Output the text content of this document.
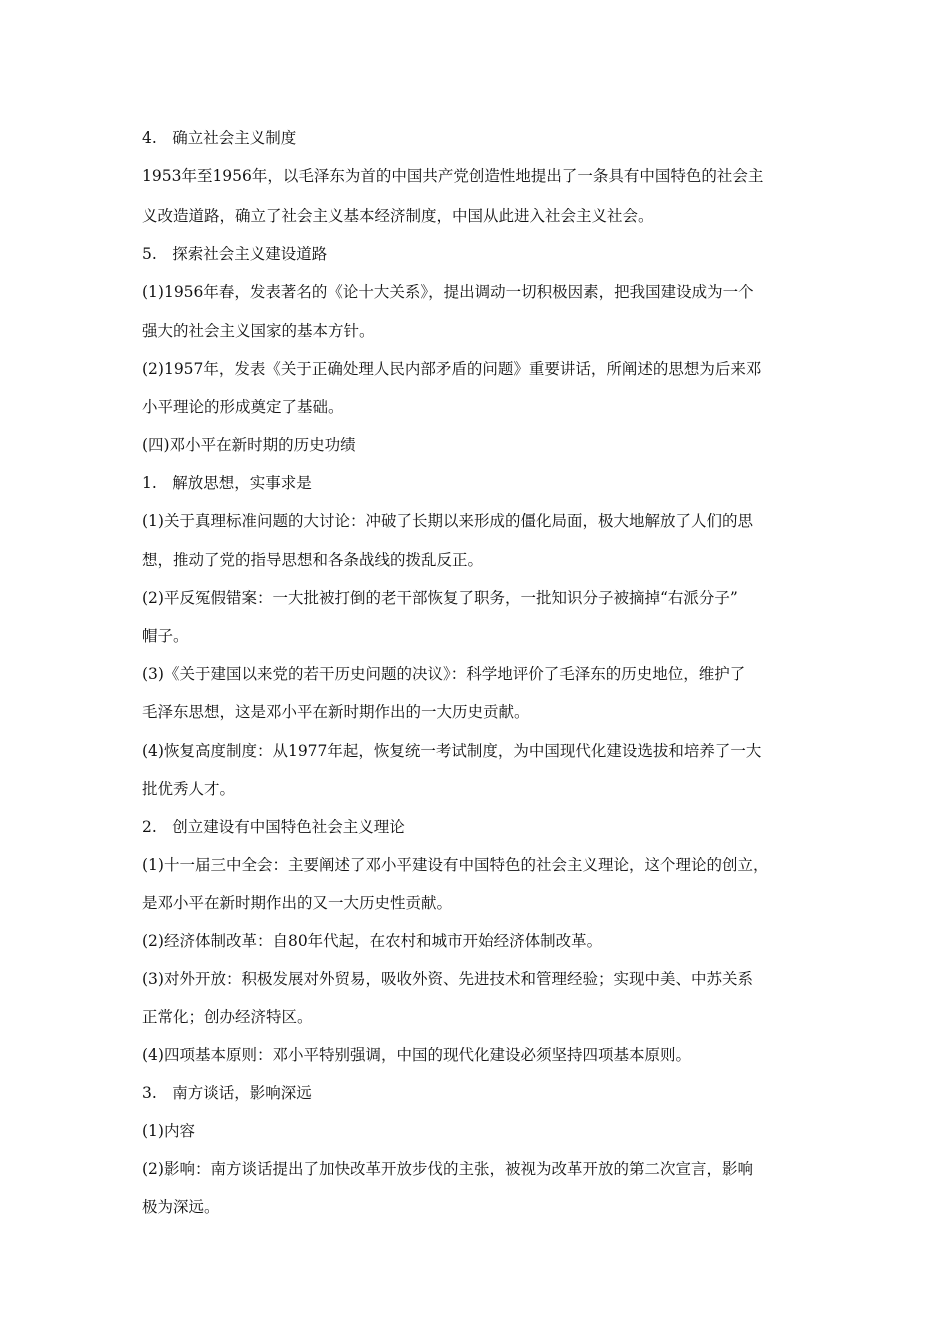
4.　确立社会主义制度
1953年至1956年，以毛泽东为首的中国共产党创造性地提出了一条具有中国特色的社会主
义改造道路，确立了社会主义基本经济制度，中国从此进入社会主义社会。
5.　探索社会主义建设道路
(1)1956年春，发表著名的《论十大关系》，提出调动一切积极因素，把我国建设成为一个
强大的社会主义国家的基本方针。
(2)1957年，发表《关于正确处理人民内部矛盾的问题》重要讲话，所阐述的思想为后来邓
小平理论的形成奠定了基础。
(四)邓小平在新时期的历史功绩
1.　解放思想，实事求是
(1)关于真理标准问题的大讨论：冲破了长期以来形成的僵化局面，极大地解放了人们的思
想，推动了党的指导思想和各条战线的拨乱反正。
(2)平反冤假错案：一大批被打倒的老干部恢复了职务，一批知识分子被摘掉“右派分子”
帽子。
(3)《关于建国以来党的若干历史问题的决议》：科学地评价了毛泽东的历史地位，维护了
毛泽东思想，这是邓小平在新时期作出的一大历史贡献。
(4)恢复高度制度：从1977年起，恢复统一考试制度，为中国现代化建设选拔和培养了一大
批优秀人才。
2.　创立建设有中国特色社会主义理论
(1)十一届三中全会：主要阐述了邓小平建设有中国特色的社会主义理论，这个理论的创立，
是邓小平在新时期作出的又一大历史性贡献。
(2)经济体制改革：自80年代起，在农村和城市开始经济体制改革。
(3)对外开放：积极发展对外贸易，吸收外资、先进技术和管理经验；实现中美、中苏关系
正常化；创办经济特区。
(4)四项基本原则：邓小平特别强调，中国的现代化建设必须坚持四项基本原则。
3.　南方谈话，影响深远
(1)内容
(2)影响：南方谈话提出了加快改革开放步伐的主张，被视为改革开放的第二次宣言，影响
极为深远。
